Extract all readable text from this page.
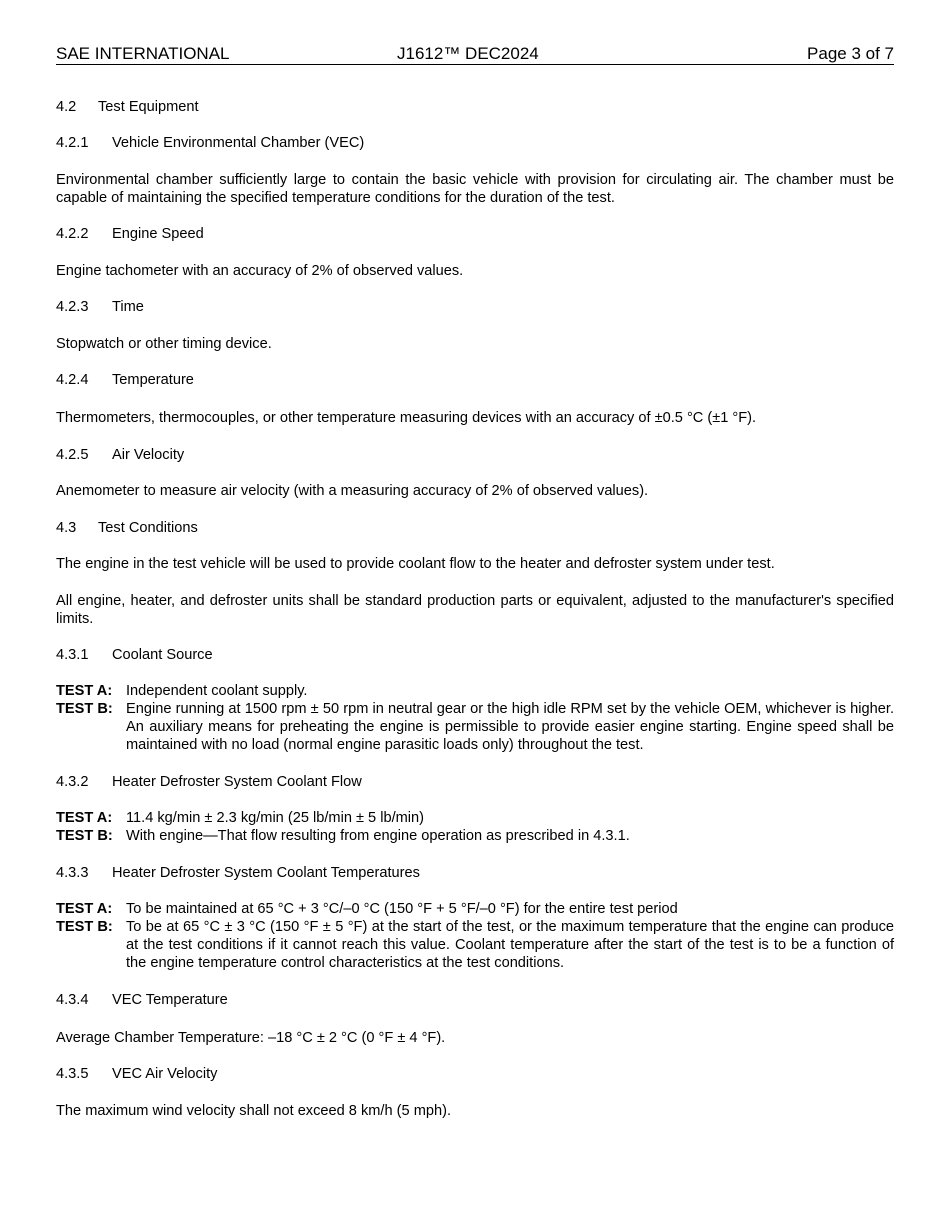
SAE INTERNATIONAL	J1612™ DEC2024	Page 3 of 7
4.2 Test Equipment
4.2.1 Vehicle Environmental Chamber (VEC)
Environmental chamber sufficiently large to contain the basic vehicle with provision for circulating air. The chamber must be capable of maintaining the specified temperature conditions for the duration of the test.
4.2.2 Engine Speed
Engine tachometer with an accuracy of 2% of observed values.
4.2.3 Time
Stopwatch or other timing device.
4.2.4 Temperature
Thermometers, thermocouples, or other temperature measuring devices with an accuracy of ±0.5 °C (±1 °F).
4.2.5 Air Velocity
Anemometer to measure air velocity (with a measuring accuracy of 2% of observed values).
4.3 Test Conditions
The engine in the test vehicle will be used to provide coolant flow to the heater and defroster system under test.
All engine, heater, and defroster units shall be standard production parts or equivalent, adjusted to the manufacturer's specified limits.
4.3.1 Coolant Source
TEST A: Independent coolant supply.
TEST B: Engine running at 1500 rpm ± 50 rpm in neutral gear or the high idle RPM set by the vehicle OEM, whichever is higher. An auxiliary means for preheating the engine is permissible to provide easier engine starting. Engine speed shall be maintained with no load (normal engine parasitic loads only) throughout the test.
4.3.2 Heater Defroster System Coolant Flow
TEST A: 11.4 kg/min ± 2.3 kg/min (25 lb/min ± 5 lb/min)
TEST B: With engine—That flow resulting from engine operation as prescribed in 4.3.1.
4.3.3 Heater Defroster System Coolant Temperatures
TEST A: To be maintained at 65 °C + 3 °C/–0 °C (150 °F + 5 °F/–0 °F) for the entire test period
TEST B: To be at 65 °C ± 3 °C (150 °F ± 5 °F) at the start of the test, or the maximum temperature that the engine can produce at the test conditions if it cannot reach this value. Coolant temperature after the start of the test is to be a function of the engine temperature control characteristics at the test conditions.
4.3.4 VEC Temperature
Average Chamber Temperature: –18 °C ± 2 °C (0 °F ± 4 °F).
4.3.5 VEC Air Velocity
The maximum wind velocity shall not exceed 8 km/h (5 mph).
